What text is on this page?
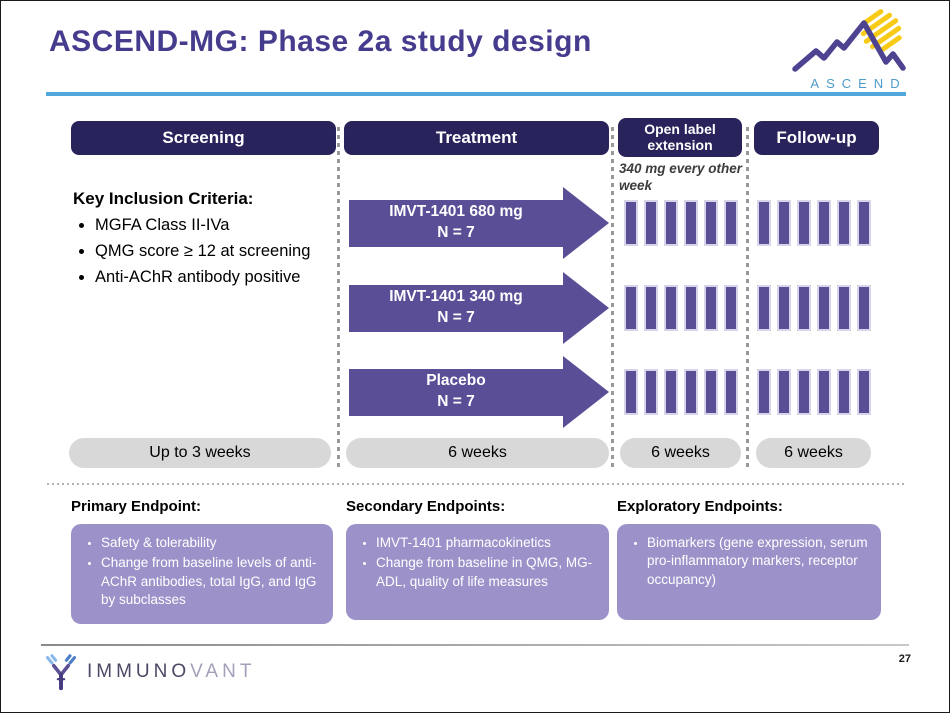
ASCEND-MG: Phase 2a study design
ASCEND
Screening	Treatment	Open label extension	Follow-up
340 mg every other week
Key Inclusion Criteria:
• MGFA Class II-IVa
• QMG score ≥ 12 at screening
• Anti-AChR antibody positive
IMVT-1401 680 mg
N = 7
IMVT-1401 340 mg
N = 7
Placebo
N = 7
Up to 3 weeks	6 weeks	6 weeks	6 weeks
Primary Endpoint:
• Safety & tolerability
• Change from baseline levels of anti-AChR antibodies, total IgG, and IgG by subclasses
Secondary Endpoints:
• IMVT-1401 pharmacokinetics
• Change from baseline in QMG, MG-ADL, quality of life measures
Exploratory Endpoints:
• Biomarkers (gene expression, serum pro-inflammatory markers, receptor occupancy)
IMMUNOVANT
27
